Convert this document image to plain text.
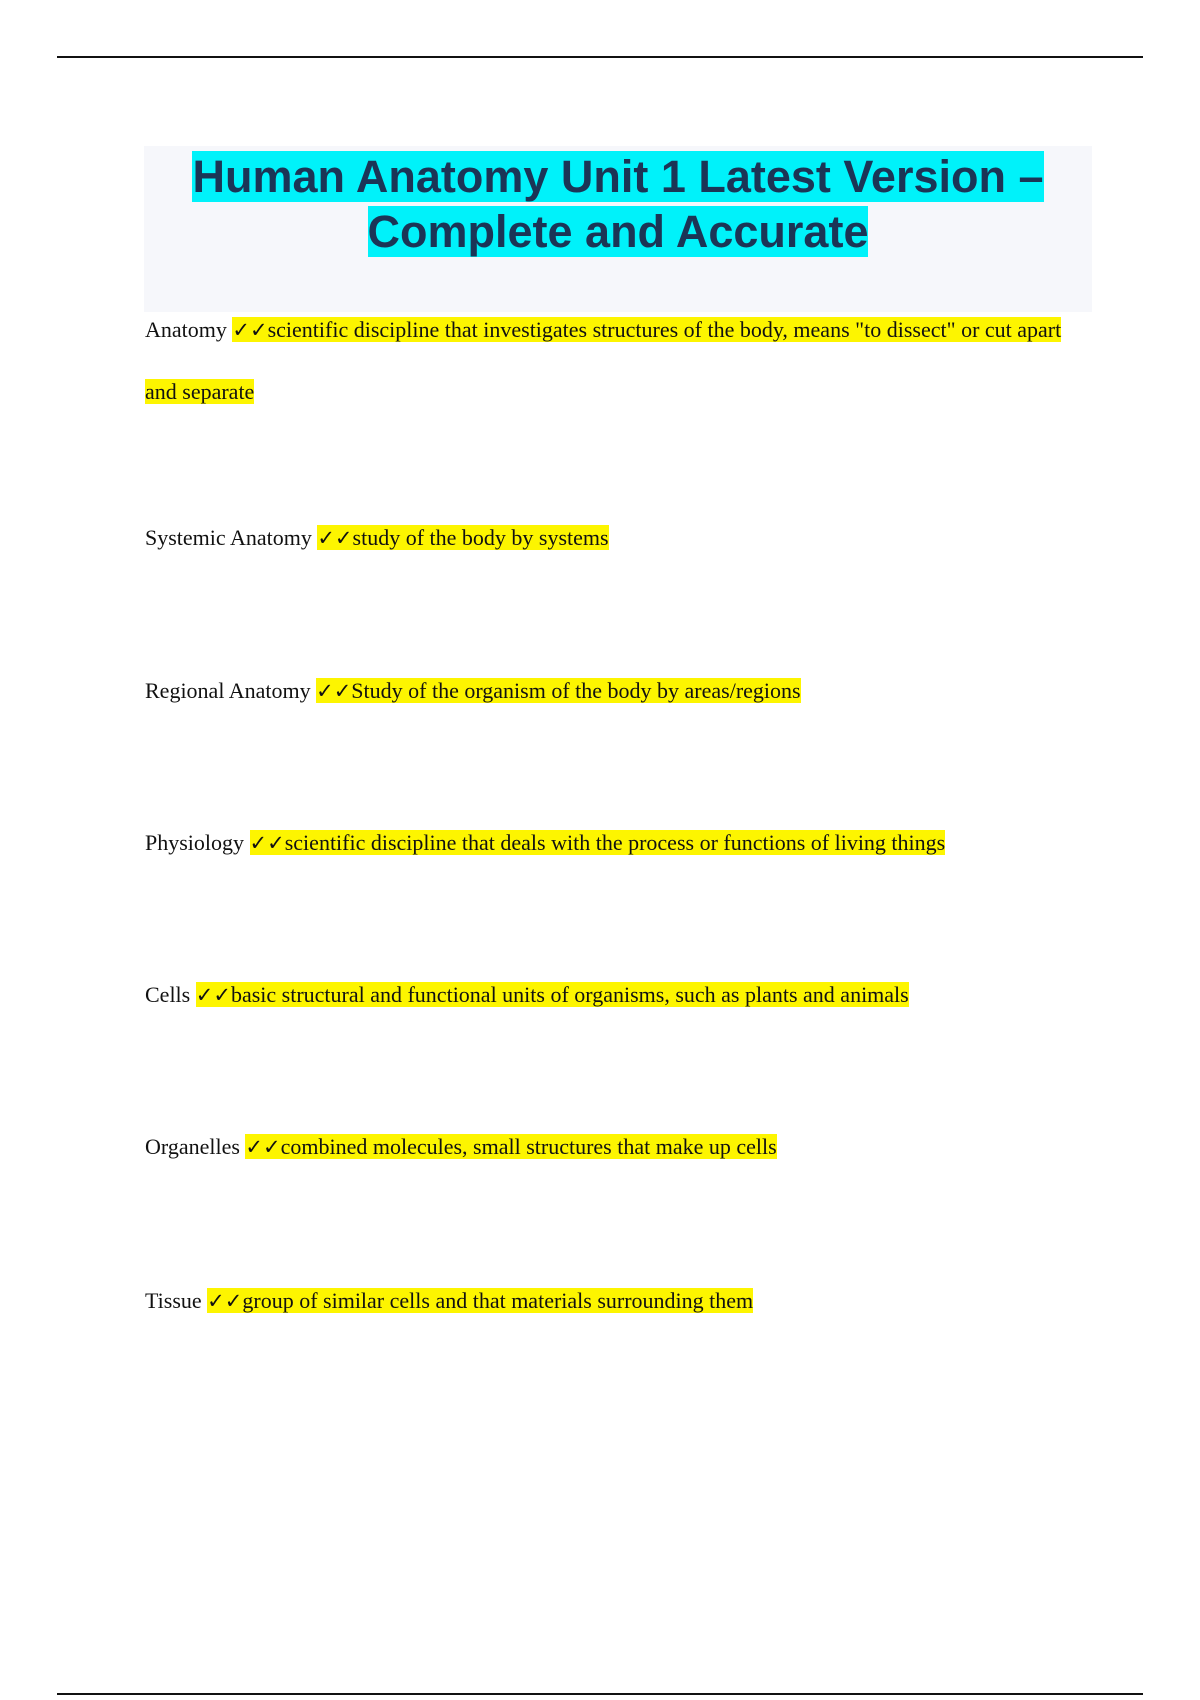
Human Anatomy Unit 1 Latest Version – Complete and Accurate

Anatomy ✓✓scientific discipline that investigates structures of the body, means "to dissect" or cut apart and separate

Systemic Anatomy ✓✓study of the body by systems

Regional Anatomy ✓✓Study of the organism of the body by areas/regions

Physiology ✓✓scientific discipline that deals with the process or functions of living things

Cells ✓✓basic structural and functional units of organisms, such as plants and animals

Organelles ✓✓combined molecules, small structures that make up cells

Tissue ✓✓group of similar cells and that materials surrounding them
